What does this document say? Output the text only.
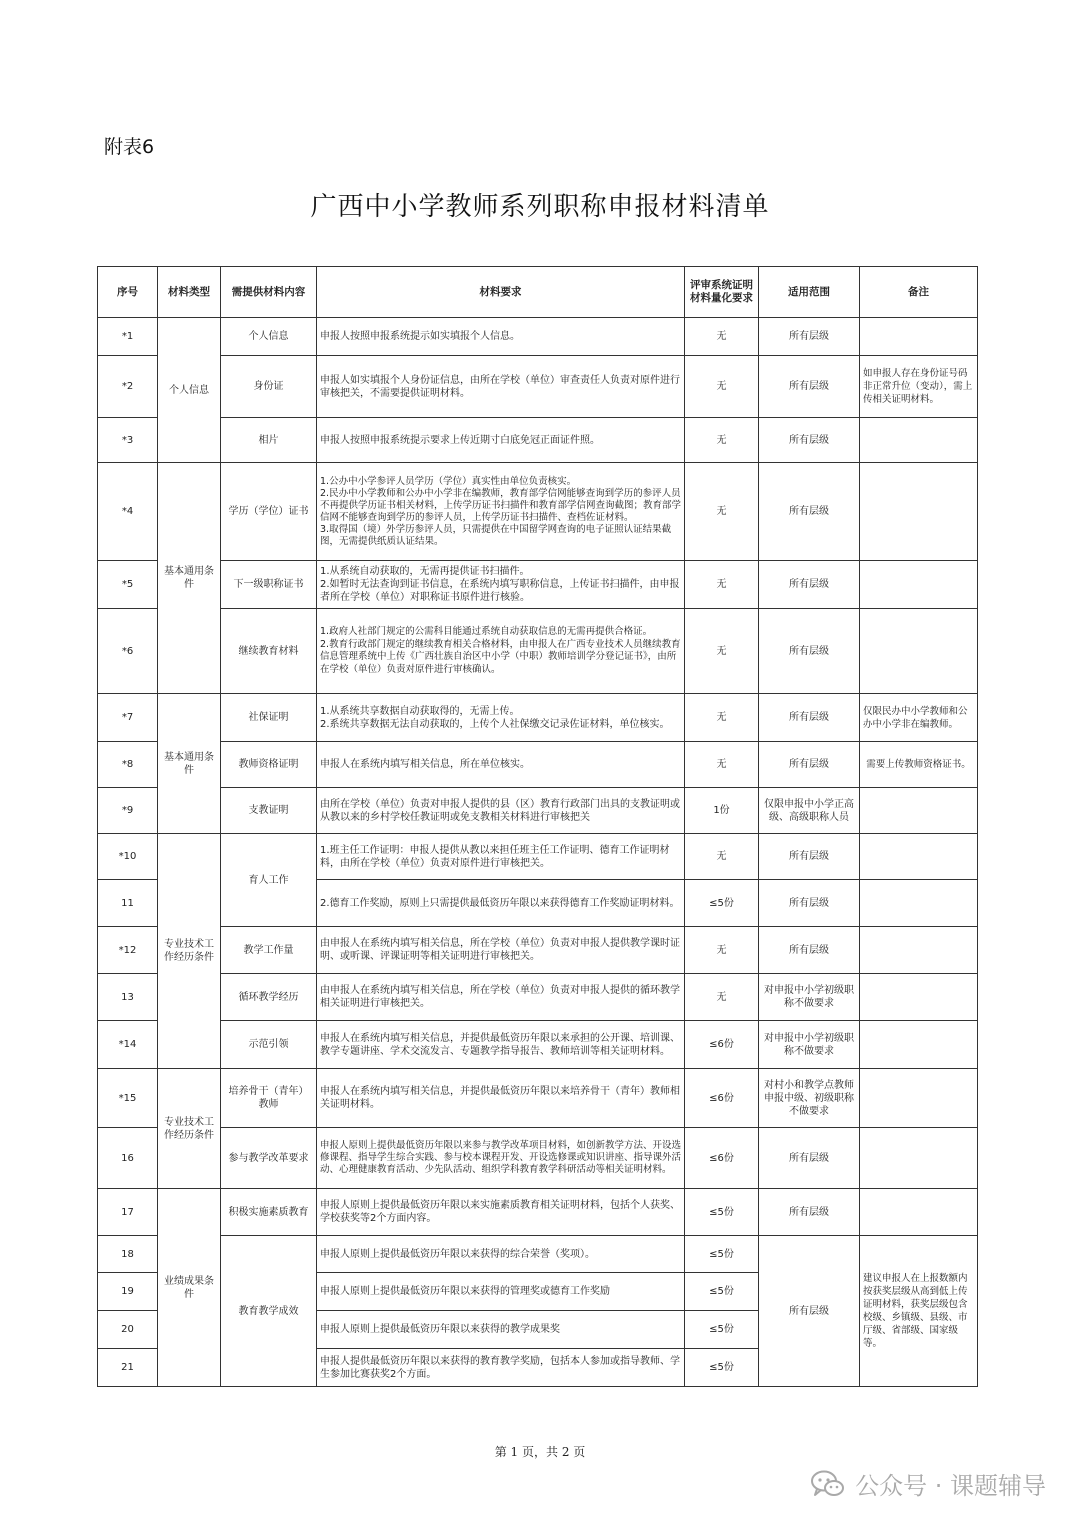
附表6
广西中小学教师系列职称申报材料清单
序号	材料类型	需提供材料内容	材料要求	评审系统证明材料量化要求	适用范围	备注
*1	个人信息	个人信息	申报人按照申报系统提示如实填报个人信息。	无	所有层级	
*2		身份证	申报人如实填报个人身份证信息，由所在学校（单位）审查责任人负责对原件进行审核把关，不需要提供证明材料。	无	所有层级	如申报人存在身份证号码非正常升位（变动），需上传相关证明材料。
*3		相片	申报人按照申报系统提示要求上传近期寸白底免冠正面证件照。	无	所有层级	
*4	基本通用条件	学历（学位）证书	1.公办中小学参评人员学历（学位）真实性由单位负责核实。
2.民办中小学教师和公办中小学非在编教师，教育部学信网能够查询到学历的参评人员不再提供学历证书相关材料，上传学历证书扫描件和教育部学信网查询截图；教育部学信网不能够查询到学历的参评人员，上传学历证书扫描件、查档佐证材料。
3.取得国（境）外学历参评人员，只需提供在中国留学网查询的电子证照认证结果截图，无需提供纸质认证结果。	无	所有层级	
*5		下一级职称证书	1.从系统自动获取的，无需再提供证书扫描件。
2.如暂时无法查询到证书信息，在系统内填写职称信息，上传证书扫描件，由申报者所在学校（单位）对职称证书原件进行核验。	无	所有层级	
*6		继续教育材料	1.政府人社部门规定的公需科目能通过系统自动获取信息的无需再提供合格证。
2.教育行政部门规定的继续教育相关合格材料，由申报人在广西专业技术人员继续教育信息管理系统中上传《广西壮族自治区中小学（中职）教师培训学分登记证书》，由所在学校（单位）负责对原件进行审核确认。	无	所有层级	
*7	基本通用条件	社保证明	1.从系统共享数据自动获取得的，无需上传。
2.系统共享数据无法自动获取的，上传个人社保缴交记录佐证材料，单位核实。	无	所有层级	仅限民办中小学教师和公办中小学非在编教师。
*8		教师资格证明	申报人在系统内填写相关信息，所在单位核实。	无	所有层级	需要上传教师资格证书。
*9		支教证明	由所在学校（单位）负责对申报人提供的县（区）教育行政部门出具的支教证明或从教以来的乡村学校任教证明或免支教相关材料进行审核把关	1份	仅限申报中小学正高级、高级职称人员	
*10	专业技术工作经历条件	育人工作	1.班主任工作证明：申报人提供从教以来担任班主任工作证明、德育工作证明材料，由所在学校（单位）负责对原件进行审核把关。	无	所有层级	
11			2.德育工作奖励，原则上只需提供最低资历年限以来获得德育工作奖励证明材料。	≤5份	所有层级	
*12		教学工作量	由申报人在系统内填写相关信息，所在学校（单位）负责对申报人提供教学课时证明、或听课、评课证明等相关证明进行审核把关。	无	所有层级	
13		循环教学经历	由申报人在系统内填写相关信息，所在学校（单位）负责对申报人提供的循环教学相关证明进行审核把关。	无	对申报中小学初级职称不做要求	
*14		示范引领	申报人在系统内填写相关信息，并提供最低资历年限以来承担的公开课、培训课、教学专题讲座、学术交流发言、专题教学指导报告、教师培训等相关证明材料。	≤6份	对申报中小学初级职称不做要求	
*15	专业技术工作经历条件	培养骨干（青年）教师	申报人在系统内填写相关信息，并提供最低资历年限以来培养骨干（青年）教师相关证明材料。	≤6份	对村小和教学点教师申报中级、初级职称不做要求	
16		参与教学改革要求	申报人原则上提供最低资历年限以来参与教学改革项目材料，如创新教学方法、开设选修课程、指导学生综合实践、参与校本课程开发、开设选修课或知识讲座、指导课外活动、心理健康教育活动、少先队活动、组织学科教育教学科研活动等相关证明材料。	≤6份	所有层级	
17	业绩成果条件	积极实施素质教育	申报人原则上提供最低资历年限以来实施素质教育相关证明材料，包括个人获奖、学校获奖等2个方面内容。	≤5份	所有层级	
18		教育教学成效	申报人原则上提供最低资历年限以来获得的综合荣誉（奖项）。	≤5份	所有层级	建议申报人在上报数额内按获奖层级从高到低上传证明材料，获奖层级包含校级、乡镇级、县级、市厅级、省部级、国家级等。
19			申报人原则上提供最低资历年限以来获得的管理奖或德育工作奖励	≤5份		
20			申报人原则上提供最低资历年限以来获得的教学成果奖	≤5份		
21			申报人提供最低资历年限以来获得的教育教学奖励，包括本人参加或指导教师、学生参加比赛获奖2个方面。	≤5份		
第 1 页，共 2 页
公众号 · 课题辅导
